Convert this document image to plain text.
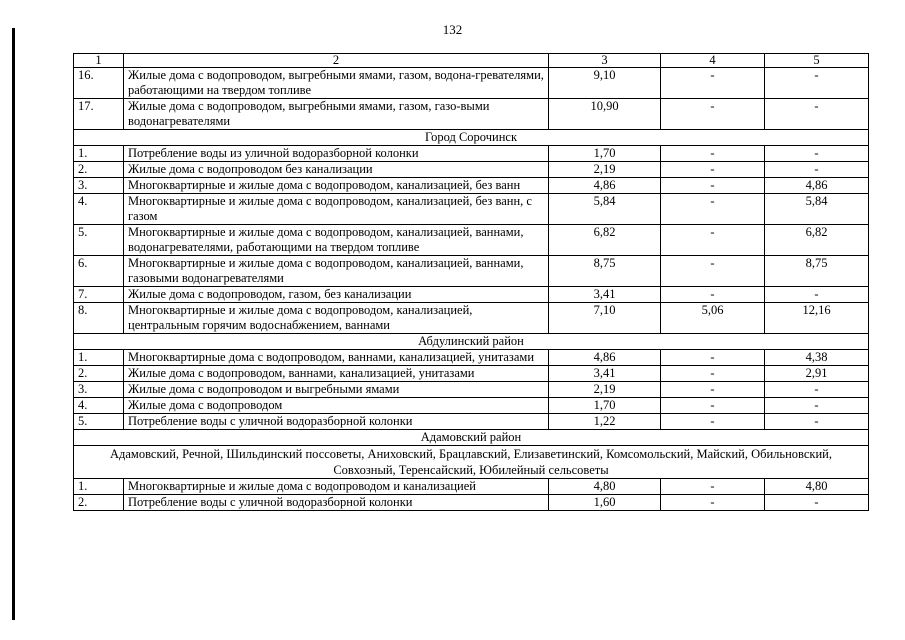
132
1	2	3	4	5
16.	Жилые дома с водопроводом, выгребными ямами, газом, водона-гревателями, работающими на твердом топливе	9,10	-	-
17.	Жилые дома с водопроводом, выгребными ямами, газом, газо-выми водонагревателями	10,90	-	-
Город Сорочинск				
1.	Потребление воды из уличной водоразборной колонки	1,70	-	-
2.	Жилые дома с водопроводом без канализации	2,19	-	-
3.	Многоквартирные и жилые дома с водопроводом, канализацией, без ванн	4,86	-	4,86
4.	Многоквартирные и жилые дома с водопроводом, канализацией, без ванн, с газом	5,84	-	5,84
5.	Многоквартирные и жилые дома с водопроводом, канализацией, ваннами, водонагревателями, работающими на твердом топливе	6,82	-	6,82
6.	Многоквартирные и жилые дома с водопроводом, канализацией, ваннами, газовыми водонагревателями	8,75	-	8,75
7.	Жилые дома с водопроводом, газом, без канализации	3,41	-	-
8.	Многоквартирные и жилые дома с водопроводом, канализацией, центральным горячим водоснабжением, ваннами	7,10	5,06	12,16
Абдулинский район				
1.	Многоквартирные дома с водопроводом, ваннами, канализацией, унитазами	4,86	-	4,38
2.	Жилые дома с водопроводом, ваннами, канализацией, унитазами	3,41	-	2,91
3.	Жилые дома с водопроводом и выгребными ямами	2,19	-	-
4.	Жилые дома с водопроводом	1,70	-	-
5.	Потребление воды с уличной водоразборной колонки	1,22	-	-
Адамовский район				
Адамовский, Речной, Шильдинский поссоветы, Аниховский, Брацлавский, Елизаветинский, Комсомольский, Майский, Обильновский, Совхозный, Теренсайский, Юбилейный сельсоветы				
1.	Многоквартирные и жилые дома с водопроводом и канализацией	4,80	-	4,80
2.	Потребление воды с уличной водоразборной колонки	1,60	-	-
